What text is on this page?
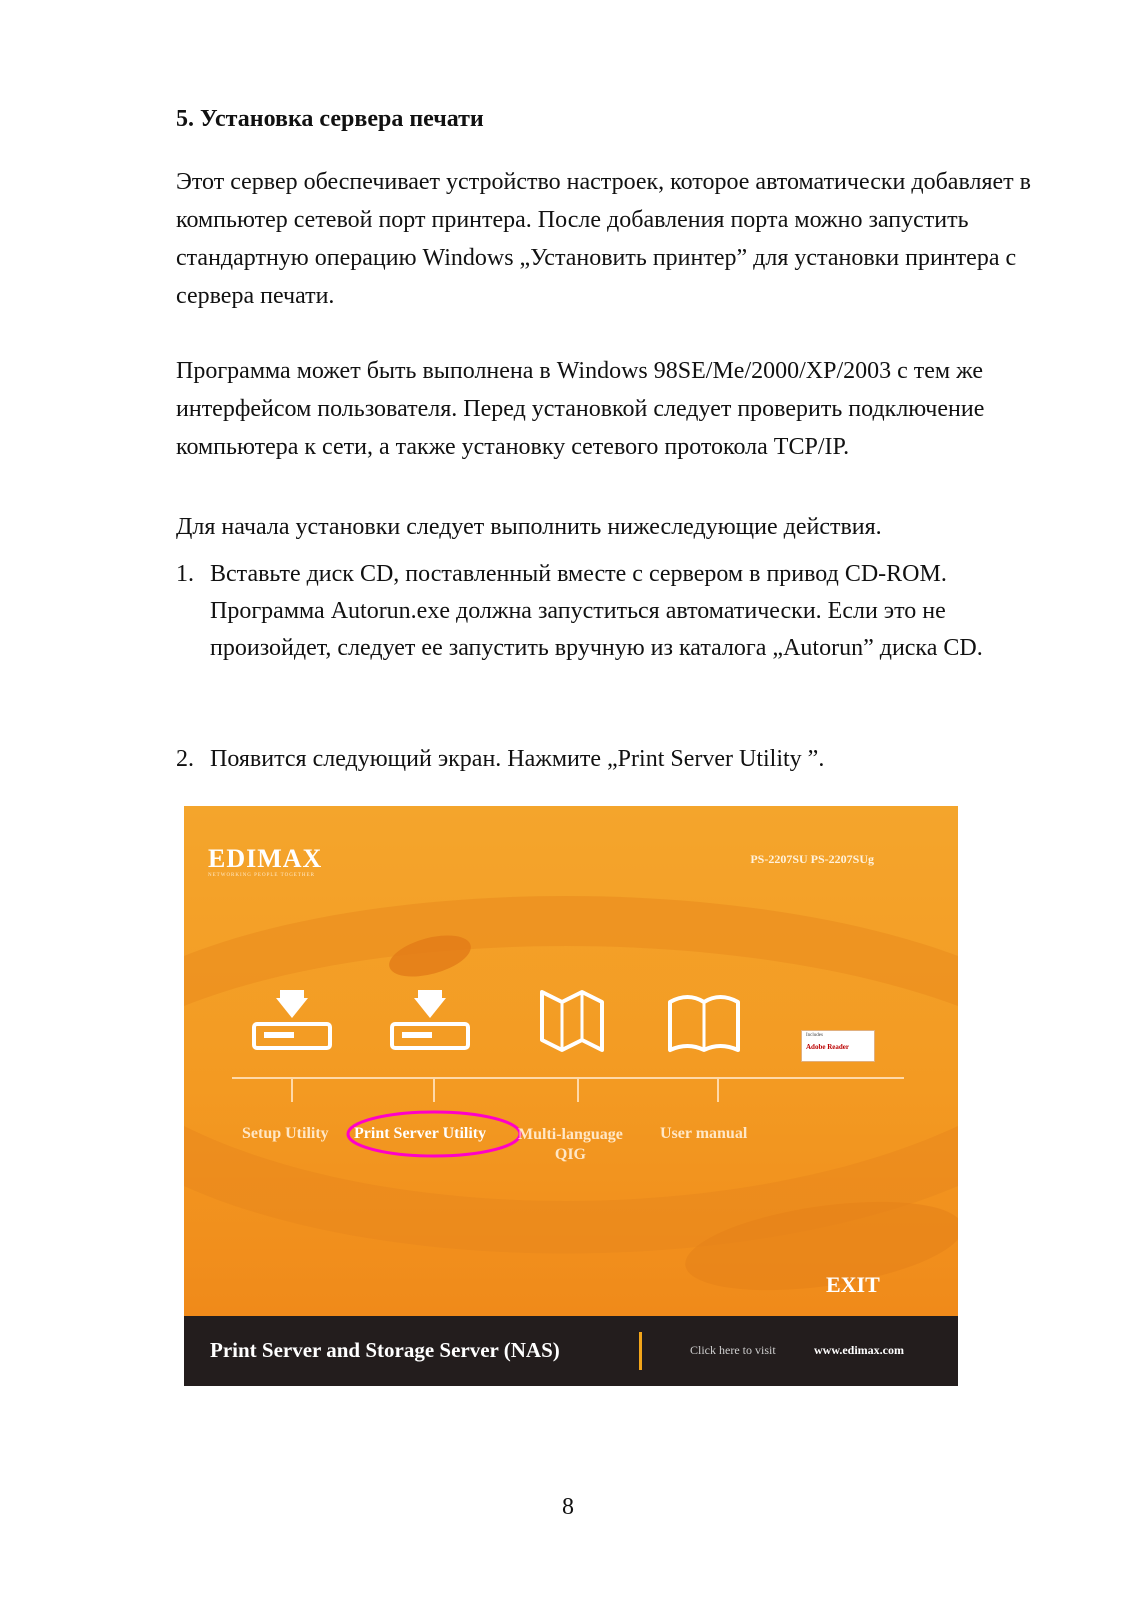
5. Установка сервера печати

Этот сервер обеспечивает устройство настроек, которое автоматически добавляет в компьютер сетевой порт принтера. После добавления порта можно запустить стандартную операцию Windows „Установить принтер” для установки принтера с сервера печати.

Программа может быть выполнена в Windows 98SE/Me/2000/XP/2003 с тем же интерфейсом пользователя. Перед установкой следует проверить подключение компьютера к сети, а также установку сетевого протокола TCP/IP.

Для начала установки следует выполнить нижеследующие действия.

1. Вставьте диск CD, поставленный вместе с сервером в привод CD-ROM. Программа Autorun.exe должна запуститься автоматически. Если это не произойдет, следует ее запустить вручную из каталога „Autorun” диска CD.
2. Появится следующий экран. Нажмите „Print Server Utility ”.
EDIMAX
NETWORKING PEOPLE TOGETHER
PS-2207SU PS-2207SUg
Includes
Adobe Reader
Setup Utility Print Server Utility Multi-language
QIG
User manual
EXIT
Print Server and Storage Server (NAS)	Click here to visit	www.edimax.com
8
